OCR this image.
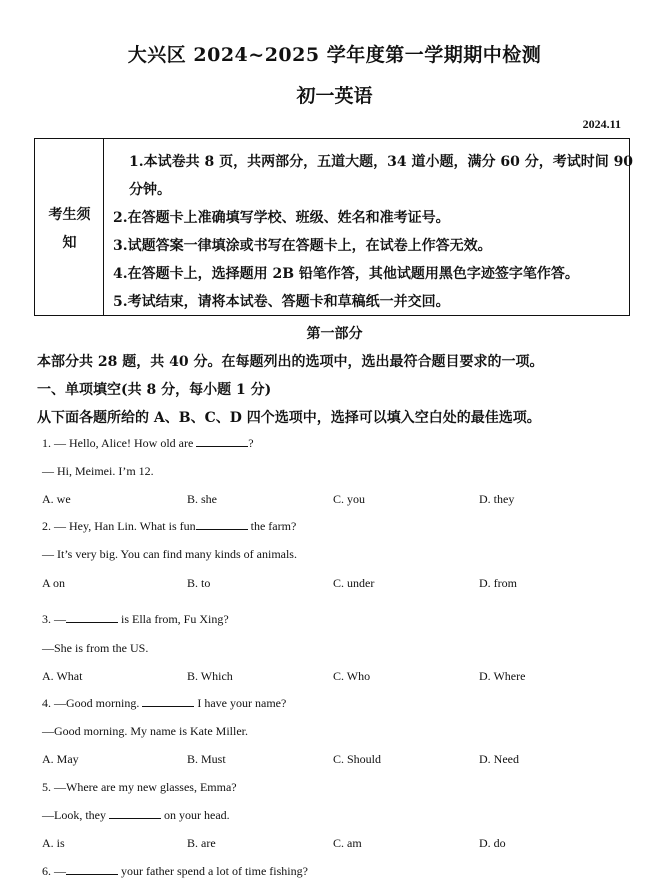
大兴区 2024~2025 学年度第一学期期中检测
初一英语
2024.11
考生须
知
1.本试卷共 8 页，共两部分，五道大题，34 道小题，满分 60 分，考试时间 90
分钟。
2.在答题卡上准确填写学校、班级、姓名和准考证号。
3.试题答案一律填涂或书写在答题卡上，在试卷上作答无效。
4.在答题卡上，选择题用 2B 铅笔作答，其他试题用黑色字迹签字笔作答。
5.考试结束，请将本试卷、答题卡和草稿纸一并交回。
第一部分
本部分共 28 题，共 40 分。在每题列出的选项中，选出最符合题目要求的一项。
一、单项填空(共 8 分，每小题 1 分)
从下面各题所给的 A、B、C、D 四个选项中，选择可以填入空白处的最佳选项。
1. — Hello, Alice! How old are	?
— Hi, Meimei. I’m 12.
A. we	B. she	C. you	D. they
2. — Hey, Han Lin. What is fun	the farm?
— It’s very big. You can find many kinds of animals.
A on	B. to	C. under	D. from
3. —	is Ella from, Fu Xing?
—She is from the US.
A. What	B. Which	C. Who	D. Where
4. —Good morning.	I have your name?
—Good morning. My name is Kate Miller.
A. May	B. Must	C. Should	D. Need
5. —Where are my new glasses, Emma?
—Look, they	on your head.
A. is	B. are	C. am	D. do
6. —	your father spend a lot of time fishing?
